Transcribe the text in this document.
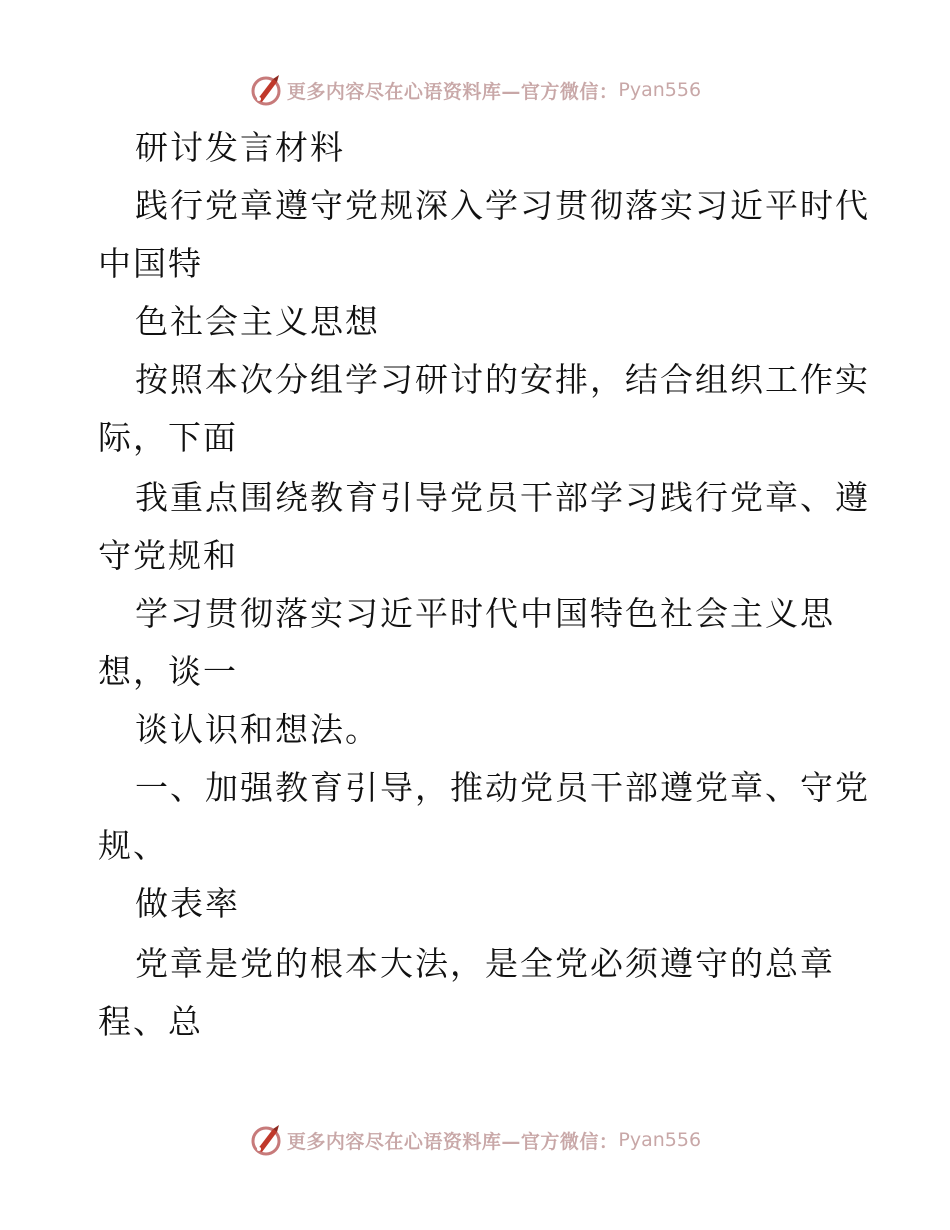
更多内容尽在心语资料库—官方微信： Pyan556
研讨发言材料
践行党章遵守党规深入学习贯彻落实习近平时代
中国特
色社会主义思想
按照本次分组学习研讨的安排，结合组织工作实
际，下面
我重点围绕教育引导党员干部学习践行党章、遵
守党规和
学习贯彻落实习近平时代中国特色社会主义思
想，谈一
谈认识和想法。
一、加强教育引导，推动党员干部遵党章、守党
规、
做表率
党章是党的根本大法，是全党必须遵守的总章
程、总
更多内容尽在心语资料库—官方微信： Pyan556
